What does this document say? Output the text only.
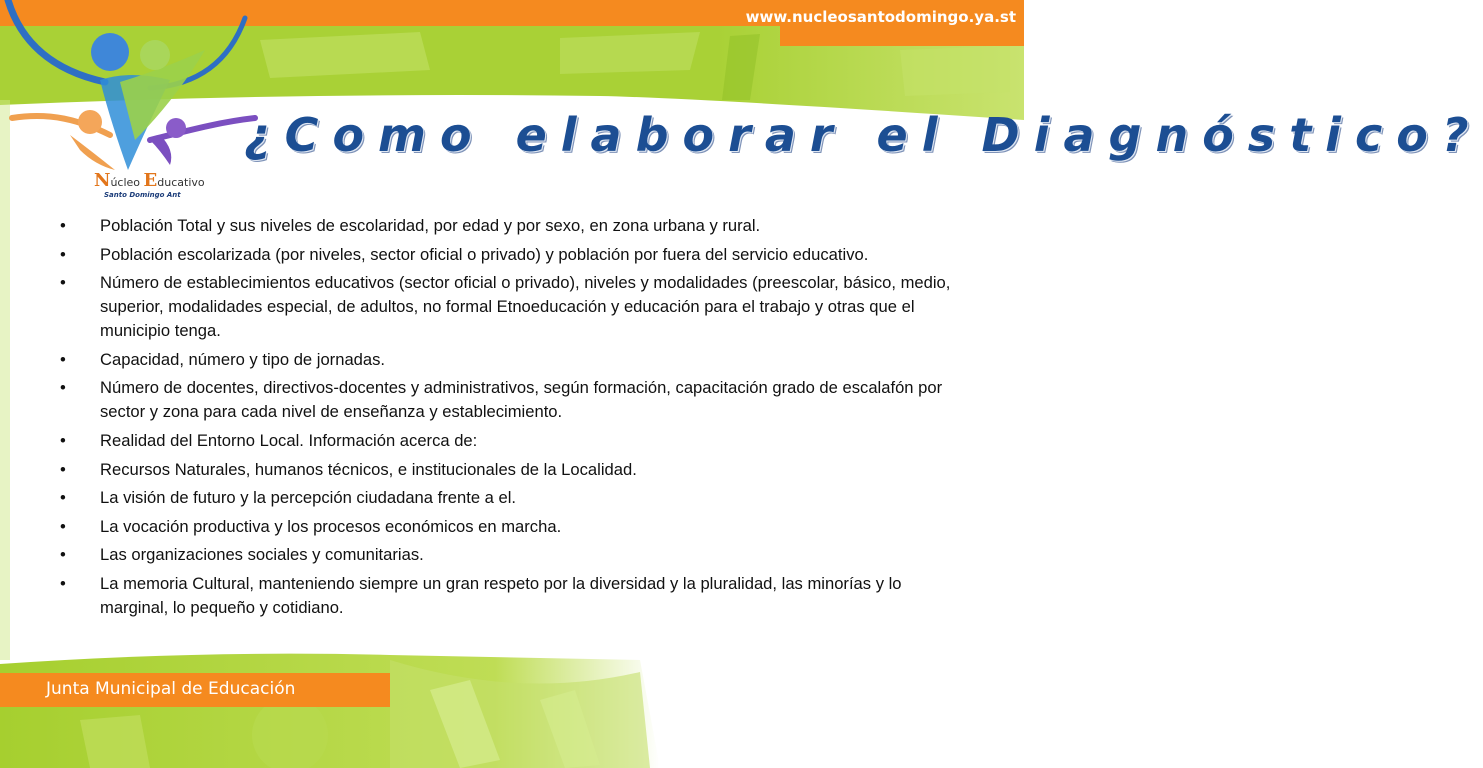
Núcleo Educativo
Santo Domingo Ant
www.nucleosantodomingo.ya.st
¿Como elaborar el Diagnóstico?
• Población Total y sus niveles de escolaridad, por edad y por sexo, en zona urbana y rural.
• Población escolarizada (por niveles, sector oficial o privado) y población por fuera del servicio educativo.
• Número de establecimientos educativos (sector oficial o privado), niveles y modalidades (preescolar, básico, medio, superior, modalidades especial, de adultos, no formal Etnoeducación y educación para el trabajo y otras que el municipio tenga.
• Capacidad, número y tipo de jornadas.
• Número de docentes, directivos-docentes y administrativos, según formación, capacitación grado de escalafón por sector y zona para cada nivel de enseñanza y establecimiento.
• Realidad del Entorno Local. Información acerca de:
• Recursos Naturales, humanos técnicos, e institucionales de la Localidad.
• La visión de futuro y la percepción ciudadana frente a el.
• La vocación productiva y los procesos económicos en marcha.
• Las organizaciones sociales y comunitarias.
• La memoria Cultural, manteniendo siempre un gran respeto por la diversidad y la pluralidad, las minorías y lo marginal, lo pequeño y cotidiano.
Junta Municipal de Educación
